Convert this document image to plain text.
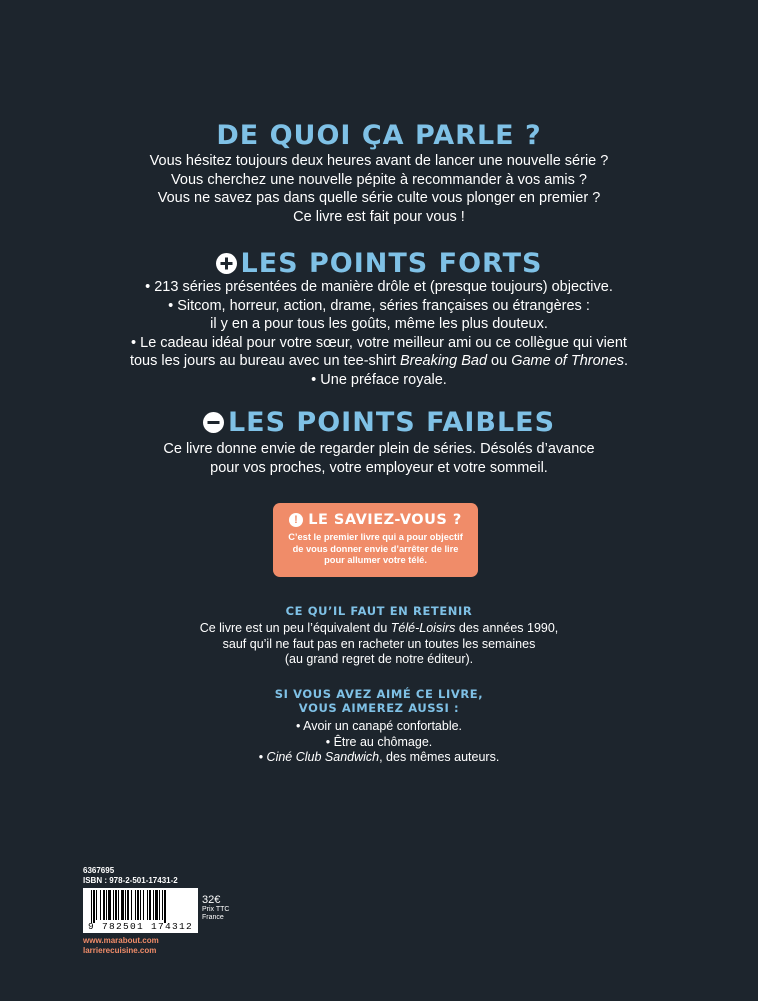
DE QUOI ÇA PARLE ?

Vous hésitez toujours deux heures avant de lancer une nouvelle série ?

Vous cherchez une nouvelle pépite à recommander à vos amis ?

Vous ne savez pas dans quelle série culte vous plonger en premier ?

Ce livre est fait pour vous !

LES POINTS FORTS

• 213 séries présentées de manière drôle et (presque toujours) objective.

• Sitcom, horreur, action, drame, séries françaises ou étrangères :

il y en a pour tous les goûts, même les plus douteux.

• Le cadeau idéal pour votre sœur, votre meilleur ami ou ce collègue qui vient

tous les jours au bureau avec un tee-shirt Breaking Bad ou Game of Thrones.

• Une préface royale.

LES POINTS FAIBLES

Ce livre donne envie de regarder plein de séries. Désolés d’avance

pour vos proches, votre employeur et votre sommeil.

! LE SAVIEZ-VOUS ?

C’est le premier livre qui a pour objectif

de vous donner envie d’arrêter de lire

pour allumer votre télé.

CE QU’IL FAUT EN RETENIR

Ce livre est un peu l’équivalent du Télé-Loisirs des années 1990,

sauf qu’il ne faut pas en racheter un toutes les semaines

(au grand regret de notre éditeur).

SI VOUS AVEZ AIMÉ CE LIVRE,
VOUS AIMEREZ AUSSI :

• Avoir un canapé confortable.

• Être au chômage.

• Ciné Club Sandwich, des mêmes auteurs.

6367695
ISBN : 978-2-501-17431-2
9 782501 174312
32€
Prix TTC
France
www.marabout.com
larrierecuisine.com
